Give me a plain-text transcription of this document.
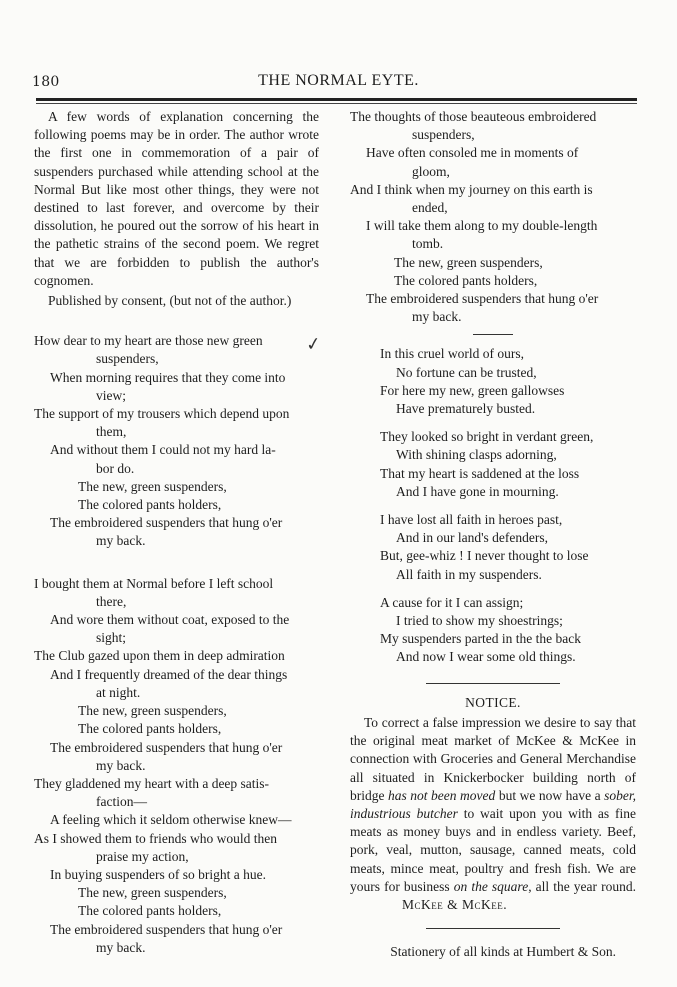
180	THE NORMAL EYTE.

A few words of explanation concerning the following poems may be in order. The author wrote the first one in commemoration of a pair of suspenders purchased while attending school at the Normal But like most other things, they were not destined to last forever, and overcome by their dissolution, he poured out the sorrow of his heart in the pathetic strains of the second poem. We regret that we are forbidden to publish the author's cognomen.

Published by consent, (but not of the author.)

How dear to my heart are those new green
suspenders,
When morning requires that they come into
view;
The support of my trousers which depend upon
them,
And without them I could not my hard la-
bor do.
The new, green suspenders,
The colored pants holders,
The embroidered suspenders that hung o'er
my back.
I bought them at Normal before I left school
there,
And wore them without coat, exposed to the
sight;
The Club gazed upon them in deep admiration
And I frequently dreamed of the dear things
at night.
The new, green suspenders,
The colored pants holders,
The embroidered suspenders that hung o'er
my back.
They gladdened my heart with a deep satis-
faction—
A feeling which it seldom otherwise knew—
As I showed them to friends who would then
praise my action,
In buying suspenders of so bright a hue.
The new, green suspenders,
The colored pants holders,
The embroidered suspenders that hung o'er
my back.
✓
The thoughts of those beauteous embroidered
suspenders,
Have often consoled me in moments of
gloom,
And I think when my journey on this earth is
ended,
I will take them along to my double-length
tomb.
The new, green suspenders,
The colored pants holders,
The embroidered suspenders that hung o'er
my back.
In this cruel world of ours,
No fortune can be trusted,
For here my new, green gallowses
Have prematurely busted.
They looked so bright in verdant green,
With shining clasps adorning,
That my heart is saddened at the loss
And I have gone in mourning.
I have lost all faith in heroes past,
And in our land's defenders,
But, gee-whiz ! I never thought to lose
All faith in my suspenders.
A cause for it I can assign;
I tried to show my shoestrings;
My suspenders parted in the the back
And now I wear some old things.
NOTICE.

To correct a false impression we desire to say that the original meat market of McKee & McKee in connection with Groceries and General Merchandise all situated in Knickerbocker building north of bridge has not been moved but we now have a sober, industrious butcher to wait upon you with as fine meats as money buys and in endless variety. Beef, pork, veal, mutton, sausage, canned meats, cold meats, mince meat, poultry and fresh fish. We are yours for business on the square, all the year round.McKee & McKee.

Stationery of all kinds at Humbert & Son.
